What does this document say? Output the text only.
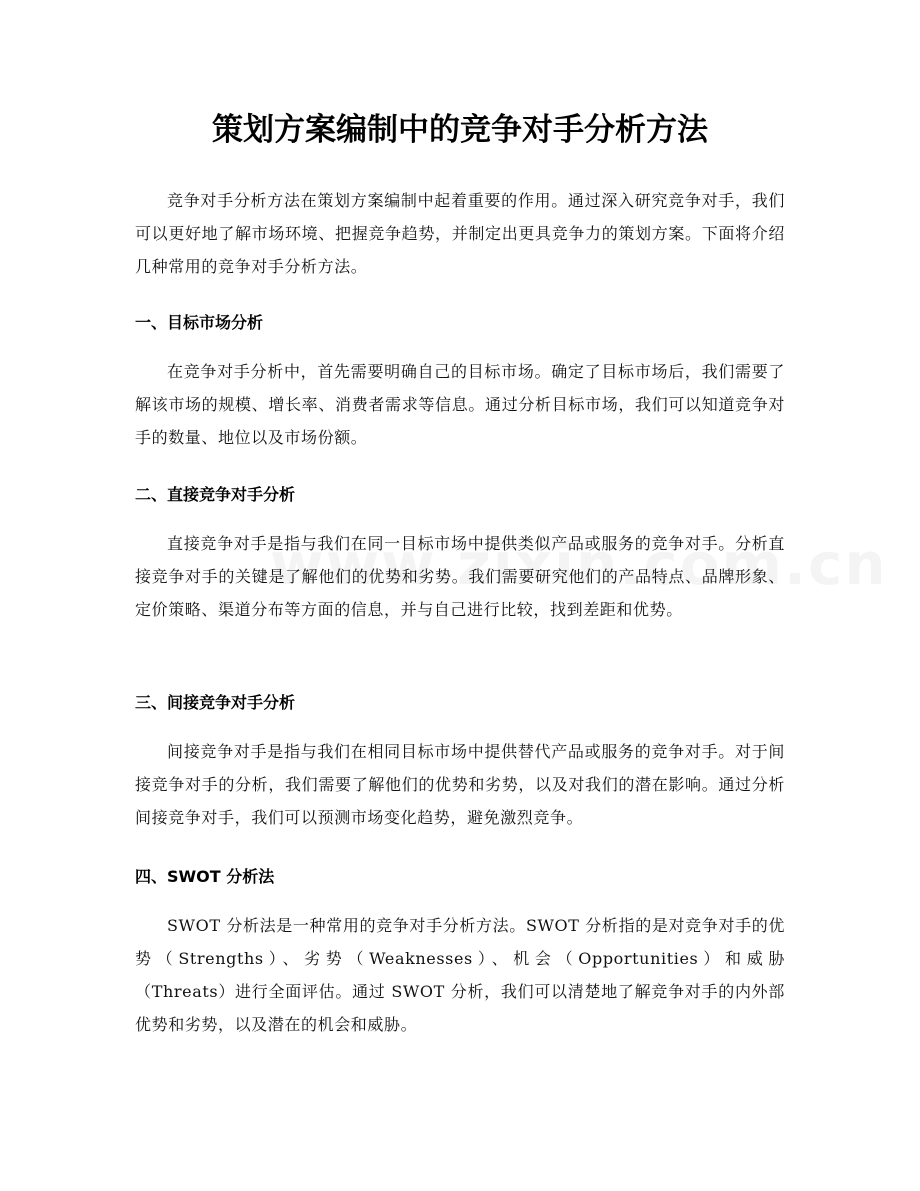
策划方案编制中的竞争对手分析方法

竞争对手分析方法在策划方案编制中起着重要的作用。通过深入研究竞争对手，我们可以更好地了解市场环境、把握竞争趋势，并制定出更具竞争力的策划方案。下面将介绍几种常用的竞争对手分析方法。

一、目标市场分析

在竞争对手分析中，首先需要明确自己的目标市场。确定了目标市场后，我们需要了解该市场的规模、增长率、消费者需求等信息。通过分析目标市场，我们可以知道竞争对手的数量、地位以及市场份额。

二、直接竞争对手分析

直接竞争对手是指与我们在同一目标市场中提供类似产品或服务的竞争对手。分析直接竞争对手的关键是了解他们的优势和劣势。我们需要研究他们的产品特点、品牌形象、定价策略、渠道分布等方面的信息，并与自己进行比较，找到差距和优势。

三、间接竞争对手分析

间接竞争对手是指与我们在相同目标市场中提供替代产品或服务的竞争对手。对于间接竞争对手的分析，我们需要了解他们的优势和劣势，以及对我们的潜在影响。通过分析间接竞争对手，我们可以预测市场变化趋势，避免激烈竞争。

四、SWOT 分析法

SWOT 分析法是一种常用的竞争对手分析方法。SWOT 分析指的是对竞争对手的优势（Strengths）、劣势（Weaknesses）、机会（Opportunities）和威胁（Threats）进行全面评估。通过 SWOT 分析，我们可以清楚地了解竞争对手的内外部优势和劣势，以及潜在的机会和威胁。
